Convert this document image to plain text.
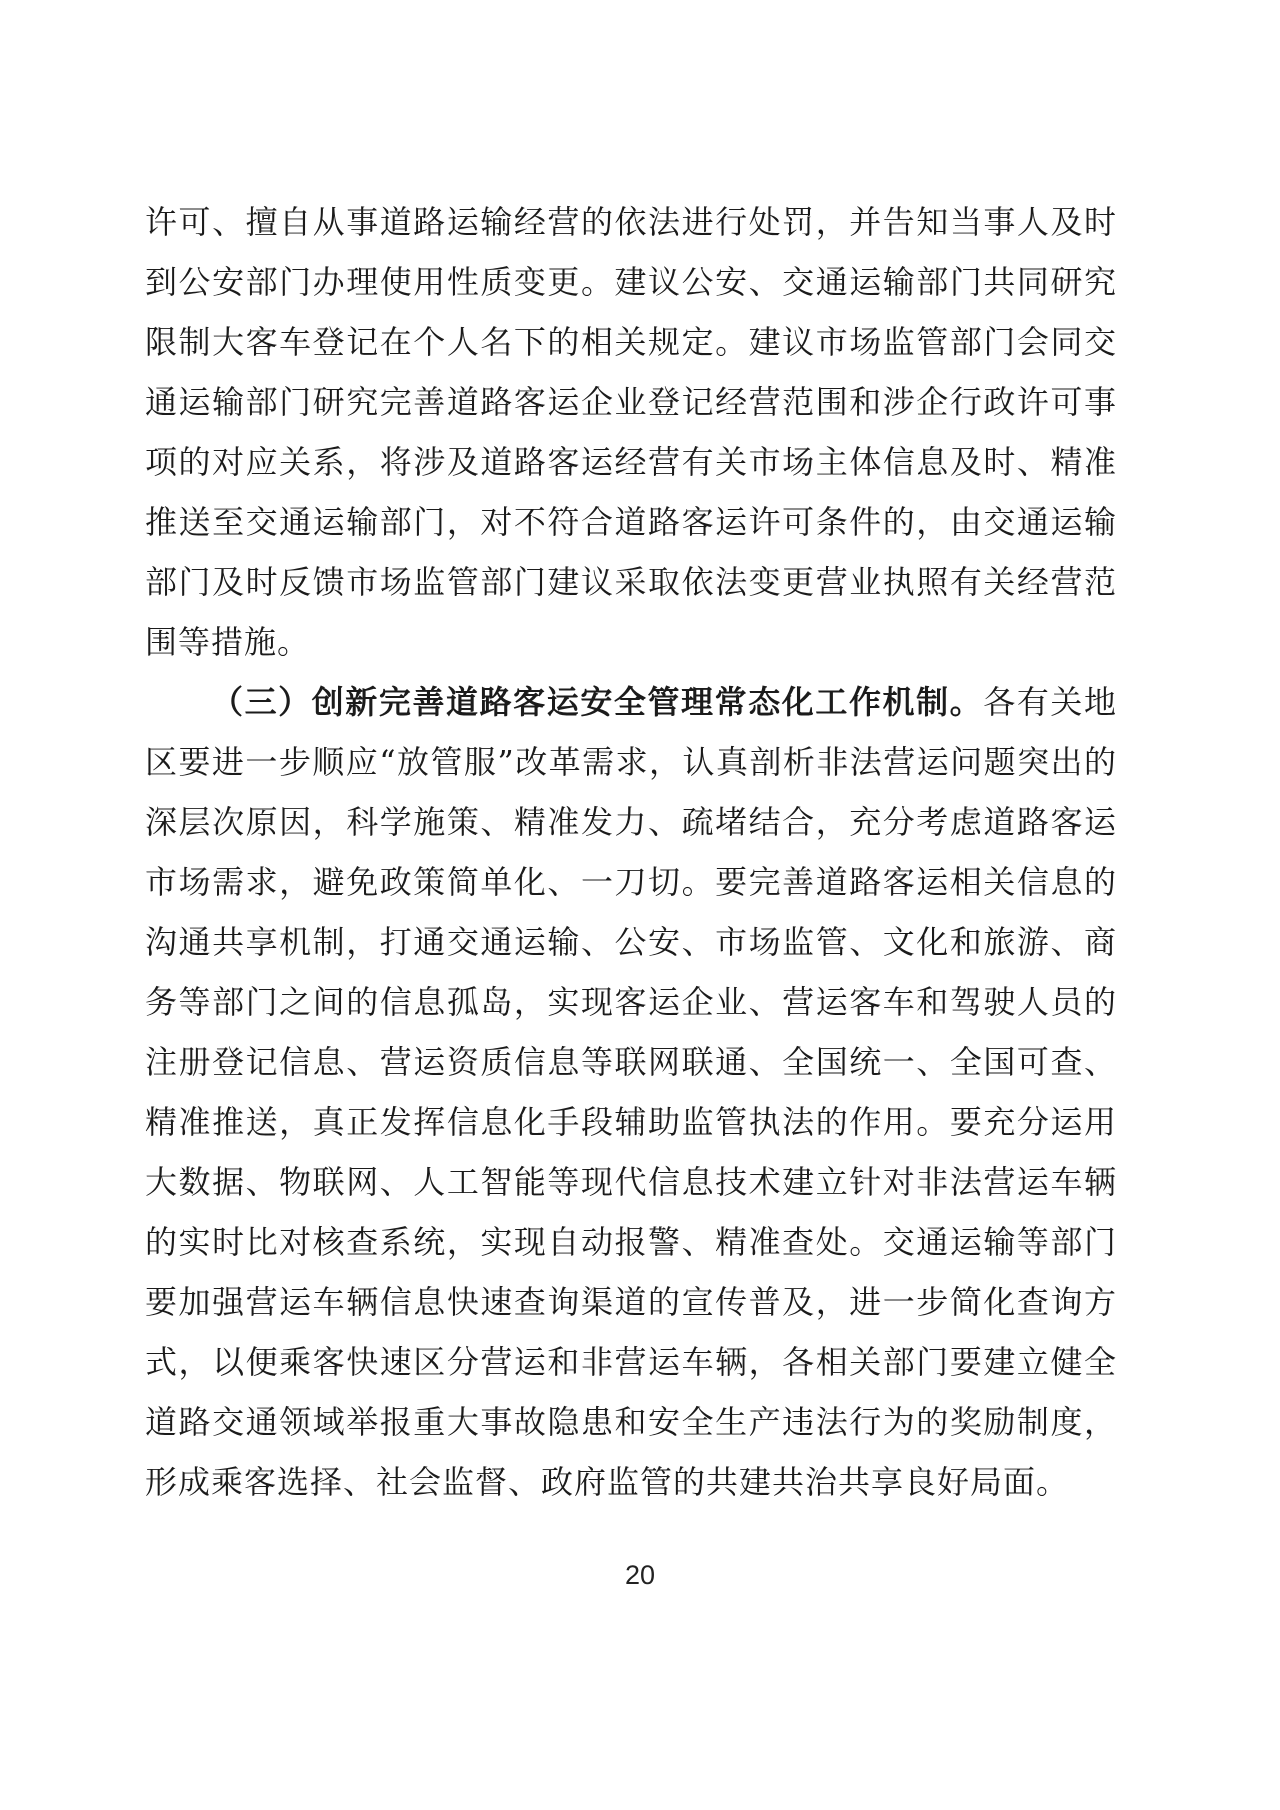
许可、擅自从事道路运输经营的依法进行处罚，并告知当事人及时到公安部门办理使用性质变更。建议公安、交通运输部门共同研究限制大客车登记在个人名下的相关规定。建议市场监管部门会同交通运输部门研究完善道路客运企业登记经营范围和涉企行政许可事项的对应关系，将涉及道路客运经营有关市场主体信息及时、精准推送至交通运输部门，对不符合道路客运许可条件的，由交通运输部门及时反馈市场监管部门建议采取依法变更营业执照有关经营范围等措施。

（三）创新完善道路客运安全管理常态化工作机制。各有关地区要进一步顺应“放管服”改革需求，认真剖析非法营运问题突出的深层次原因，科学施策、精准发力、疏堵结合，充分考虑道路客运市场需求，避免政策简单化、一刀切。要完善道路客运相关信息的沟通共享机制，打通交通运输、公安、市场监管、文化和旅游、商务等部门之间的信息孤岛，实现客运企业、营运客车和驾驶人员的注册登记信息、营运资质信息等联网联通、全国统一、全国可查、精准推送，真正发挥信息化手段辅助监管执法的作用。要充分运用大数据、物联网、人工智能等现代信息技术建立针对非法营运车辆的实时比对核查系统，实现自动报警、精准查处。交通运输等部门要加强营运车辆信息快速查询渠道的宣传普及，进一步简化查询方式，以便乘客快速区分营运和非营运车辆，各相关部门要建立健全道路交通领域举报重大事故隐患和安全生产违法行为的奖励制度，形成乘客选择、社会监督、政府监管的共建共治共享良好局面。

20
